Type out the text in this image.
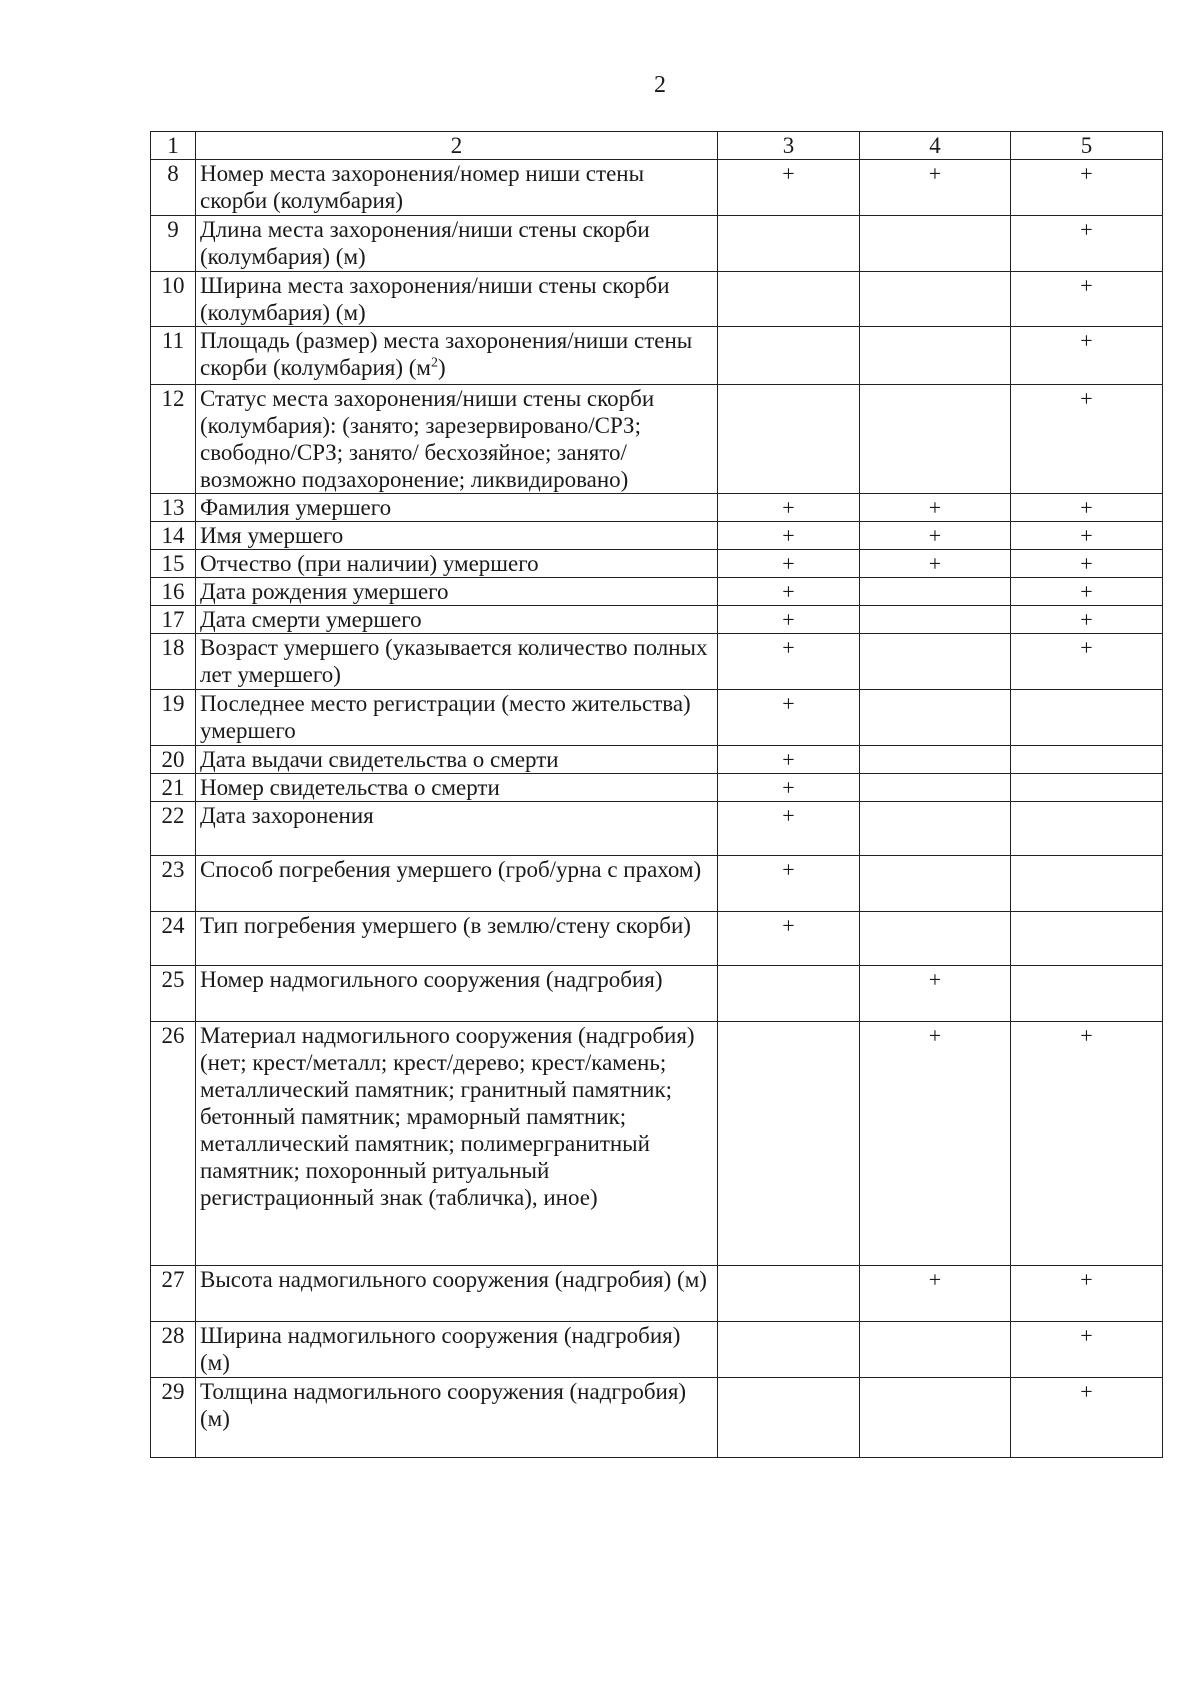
2
1	2	3	4	5
8	Номер места захоронения/номер ниши стены скорби (колумбария)	+	+	+
9	Длина места захоронения/ниши стены скорби (колумбария) (м)			+
10	Ширина места захоронения/ниши стены скорби (колумбария) (м)			+
11	Площадь (размер) места захоронения/ниши стены скорби (колумбария) $(м^2)$			+
12	Статус места захоронения/ниши стены скорби (колумбария): (занято; зарезервировано/СРЗ; свободно/СРЗ; занято/ бесхозяйное; занято/ возможно подзахоронение; ликвидировано)			+
13	Фамилия умершего	+	+	+
14	Имя умершего	+	+	+
15	Отчество (при наличии) умершего	+	+	+
16	Дата рождения умершего	+		+
17	Дата смерти умершего	+		+
18	Возраст умершего (указывается количество полных лет умершего)	+		+
19	Последнее место регистрации (место жительства) умершего	+		
20	Дата выдачи свидетельства о смерти	+		
21	Номер свидетельства о смерти	+		
22	Дата захоронения	+		
23	Способ погребения умершего (гроб/урна с прахом)	+		
24	Тип погребения умершего (в землю/стену скорби)	+		
25	Номер надмогильного сооружения (надгробия)		+	
26	Материал надмогильного сооружения (надгробия) (нет; крест/металл; крест/дерево; крест/камень; металлический памятник; гранитный памятник; бетонный памятник; мраморный памятник; металлический памятник; полимергранитный памятник; похоронный ритуальный регистрационный знак (табличка), иное)		+	+
27	Высота надмогильного сооружения (надгробия) (м)		+	+
28	Ширина надмогильного сооружения (надгробия) (м)			+
29	Толщина надмогильного сооружения (надгробия) (м)			+
